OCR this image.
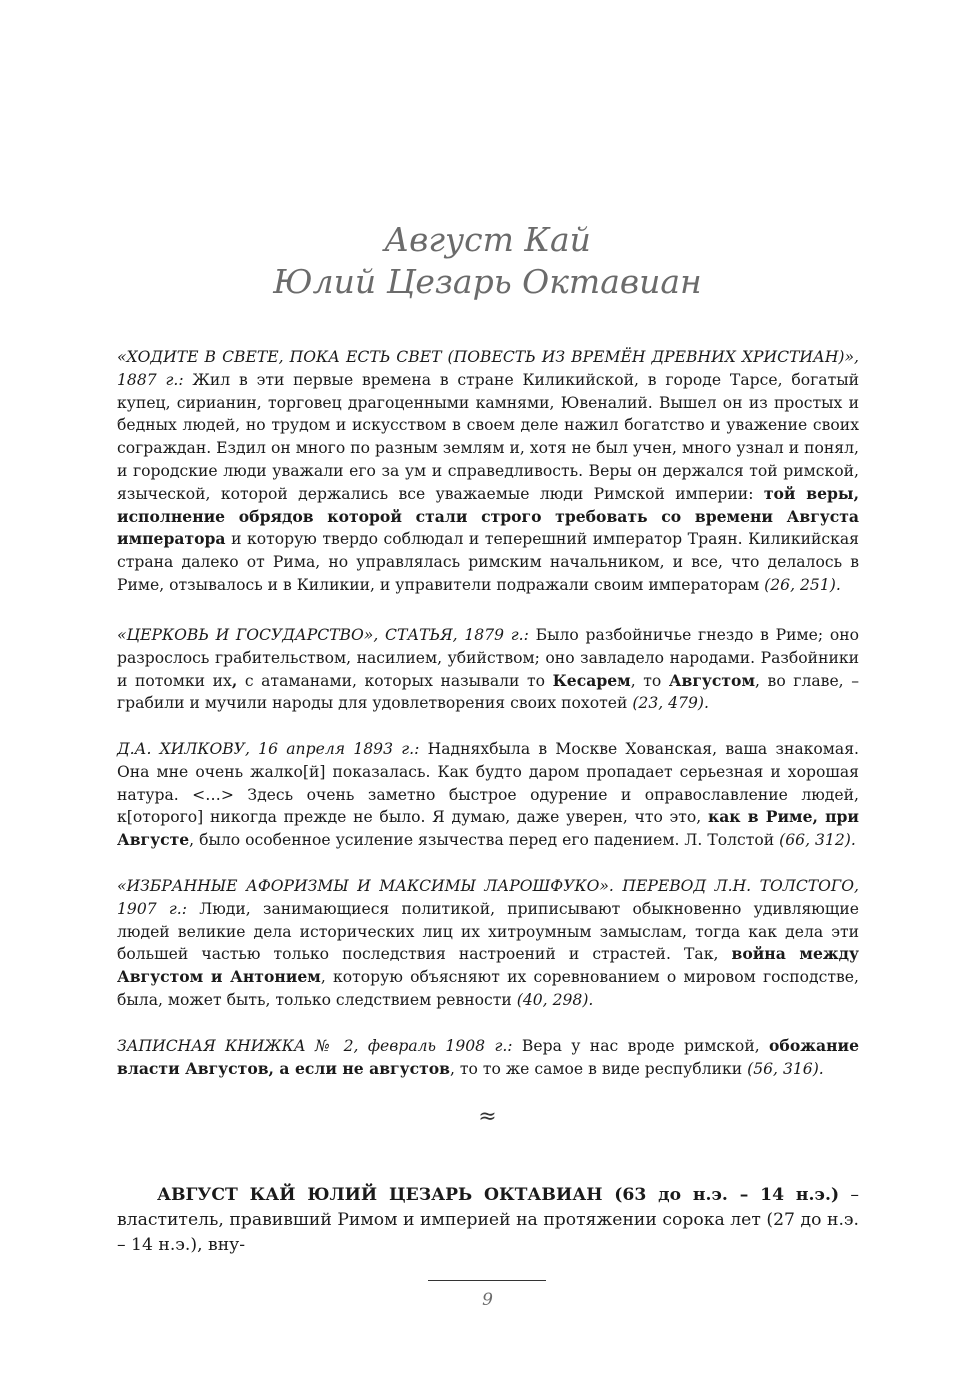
Август Кай
Юлий Цезарь Октавиан

«ХОДИТЕ В СВЕТЕ, ПОКА ЕСТЬ СВЕТ (ПОВЕСТЬ ИЗ ВРЕМЁН ДРЕВНИХ ХРИСТИАН)», 1887 г.: Жил в эти первые времена в стране Киликийской, в городе Тарсе, богатый купец, сирианин, торговец драгоценными камнями, Ювеналий. Вышел он из простых и бедных людей, но трудом и искусством в своем деле нажил богатство и уважение своих сограждан. Ездил он много по разным землям и, хотя не был учен, много узнал и понял, и городские люди уважали его за ум и справедливость. Веры он держался той римской, языческой, которой держались все уважаемые люди Римской империи: той веры, исполнение обрядов которой стали строго требовать со времени Августа императора и которую твердо соблюдал и теперешний император Траян. Киликийская страна далеко от Рима, но управлялась римским начальником, и все, что делалось в Риме, отзывалось и в Киликии, и управители подражали своим императорам (26, 251).

«ЦЕРКОВЬ И ГОСУДАРСТВО», СТАТЬЯ, 1879 г.: Было разбойничье гнездо в Риме; оно разрослось грабительством, насилием, убийством; оно завладело народами. Разбойники и потомки их, с атаманами, которых называли то Кесарем, то Августом, во главе, – грабили и мучили народы для удовлетворения своих похотей (23, 479).

Д.А. ХИЛКОВУ, 16 апреля 1893 г.: Надняхбыла в Москве Хованская, ваша знакомая. Она мне очень жалко[й] показалась. Как будто даром пропадает серьезная и хорошая натура. <…> Здесь очень заметно быстрое одурение и оправославление людей, к[оторого] никогда прежде не было. Я думаю, даже уверен, что это, как в Риме, при Августе, было особенное усиление язычества перед его падением. Л. Толстой (66, 312).

«ИЗБРАННЫЕ АФОРИЗМЫ И МАКСИМЫ ЛАРОШФУКО». ПЕРЕВОД Л.Н. ТОЛСТОГО, 1907 г.: Люди, занимающиеся политикой, приписывают обыкновенно удивляющие людей великие дела исторических лиц их хитроумным замыслам, тогда как дела эти большей частью только последствия настроений и страстей. Так, война между Августом и Антонием, которую объясняют их соревнованием о мировом господстве, была, может быть, только следствием ревности (40, 298).

ЗАПИСНАЯ КНИЖКА № 2, февраль 1908 г.: Вера у нас вроде римской, обожание власти Августов, а если не августов, то то же самое в виде республики (56, 316).

≈

АВГУСТ КАЙ ЮЛИЙ ЦЕЗАРЬ ОКТАВИАН (63 до н.э. – 14 н.э.) – властитель, правивший Римом и империей на протяжении сорока лет (27 до н.э. – 14 н.э.), вну-

9
